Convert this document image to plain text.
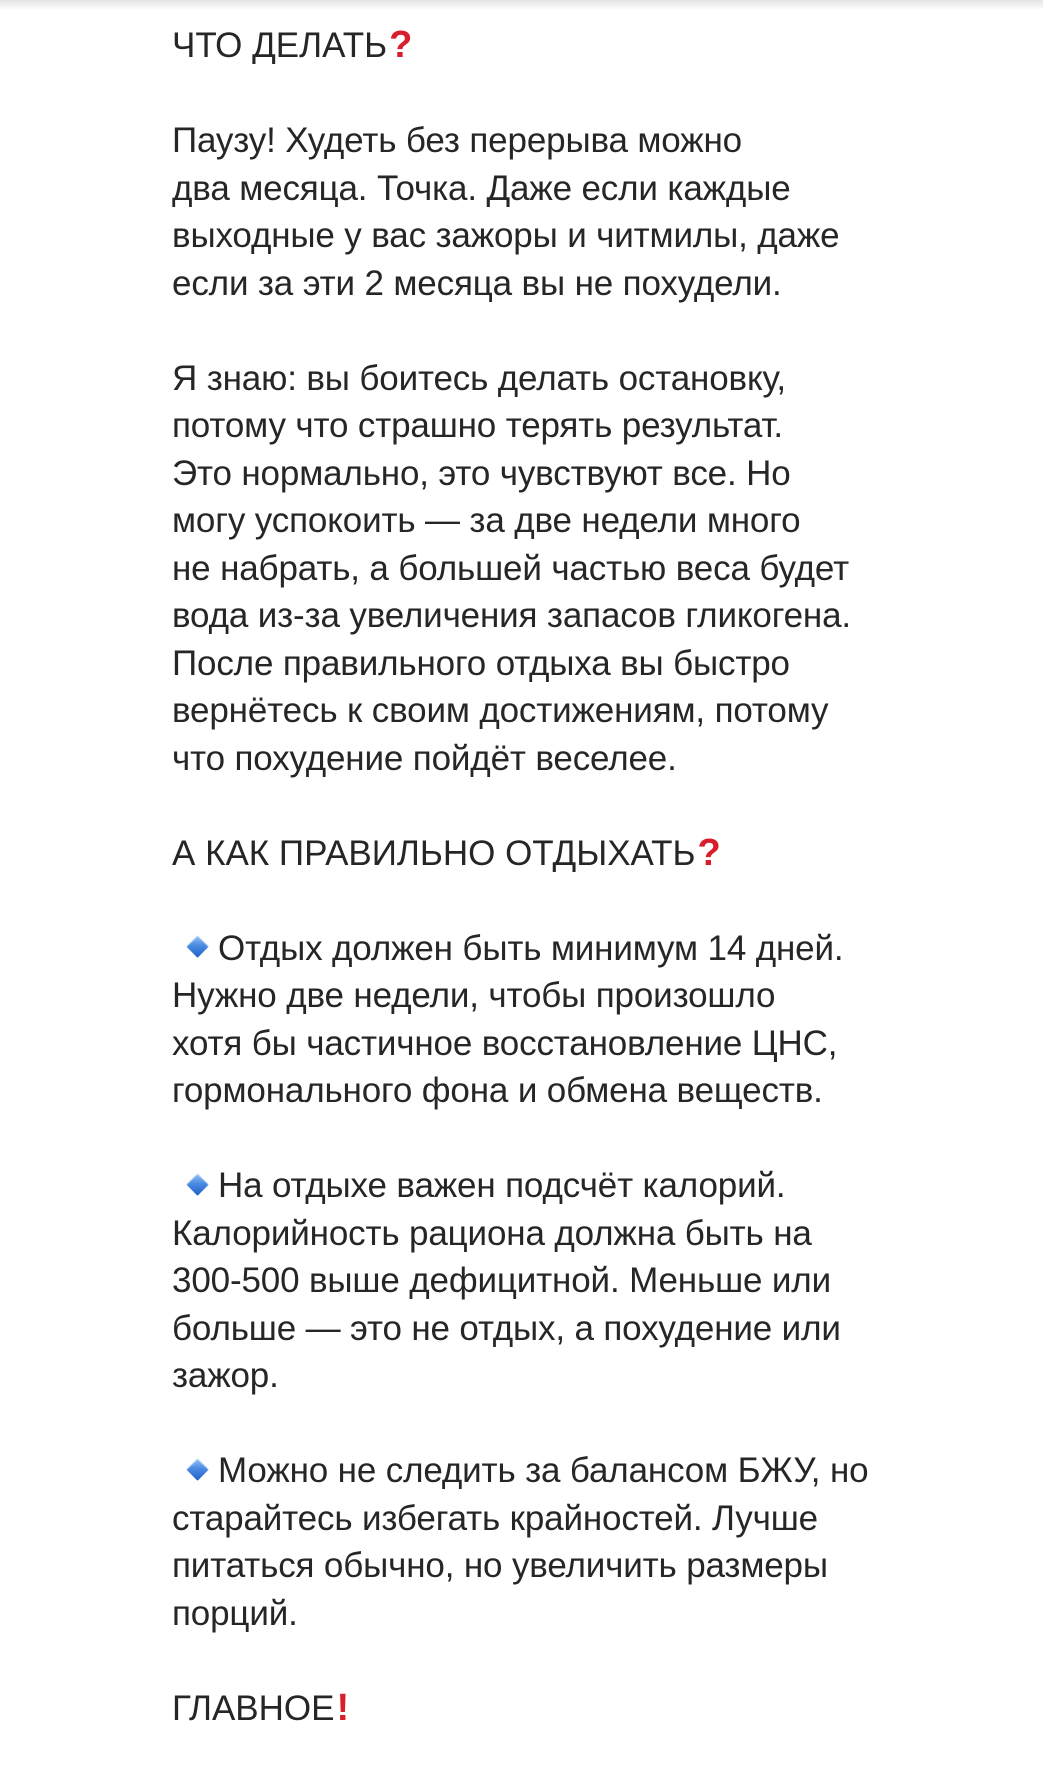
ЧТО ДЕЛАТЬ?
Паузу! Худеть без перерыва можно
два месяца. Точка. Даже если каждые
выходные у вас зажоры и читмилы, даже
если за эти 2 месяца вы не похудели.
Я знаю: вы боитесь делать остановку,
потому что страшно терять результат.
Это нормально, это чувствуют все. Но
могу успокоить — за две недели много
не набрать, а большей частью веса будет
вода из-за увеличения запасов гликогена.
После правильного отдыха вы быстро
вернётесь к своим достижениям, потому
что похудение пойдёт веселее.
А КАК ПРАВИЛЬНО ОТДЫХАТЬ?
Отдых должен быть минимум 14 дней.
Нужно две недели, чтобы произошло
хотя бы частичное восстановление ЦНС,
гормонального фона и обмена веществ.
На отдыхе важен подсчёт калорий.
Калорийность рациона должна быть на
300-500 выше дефицитной. Меньше или
больше — это не отдых, а похудение или
зажор.
Можно не следить за балансом БЖУ, но
старайтесь избегать крайностей. Лучше
питаться обычно, но увеличить размеры
порций.
ГЛАВНОЕ!
